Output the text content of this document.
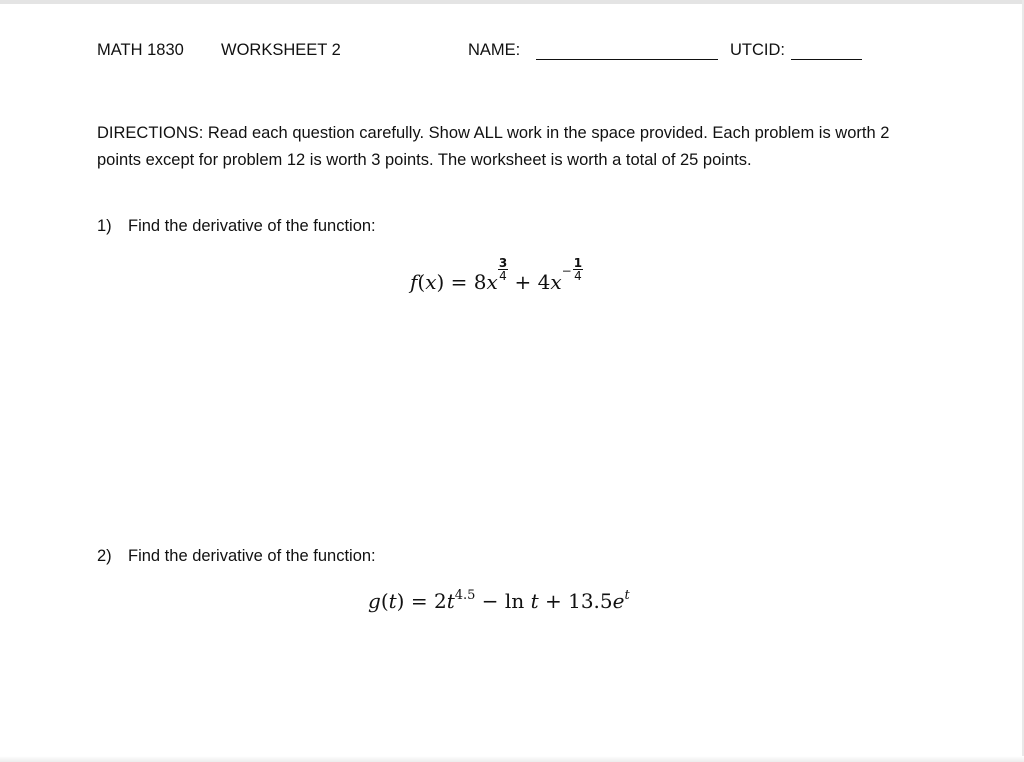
MATH 1830 WORKSHEET 2	NAME:	UTCID:

DIRECTIONS: Read each question carefully. Show ALL work in the space provided. Each problem is worth 2 points except for problem 12 is worth 3 points. The worksheet is worth a total of 25 points.

1) Find the derivative of the function:
$f(x) = 8x \frac{3}{4} + 4x- \frac{1}{4}$
2) Find the derivative of the function:
$g(t) = 2t^{4.5} - \ln t + 13.5e^t$
